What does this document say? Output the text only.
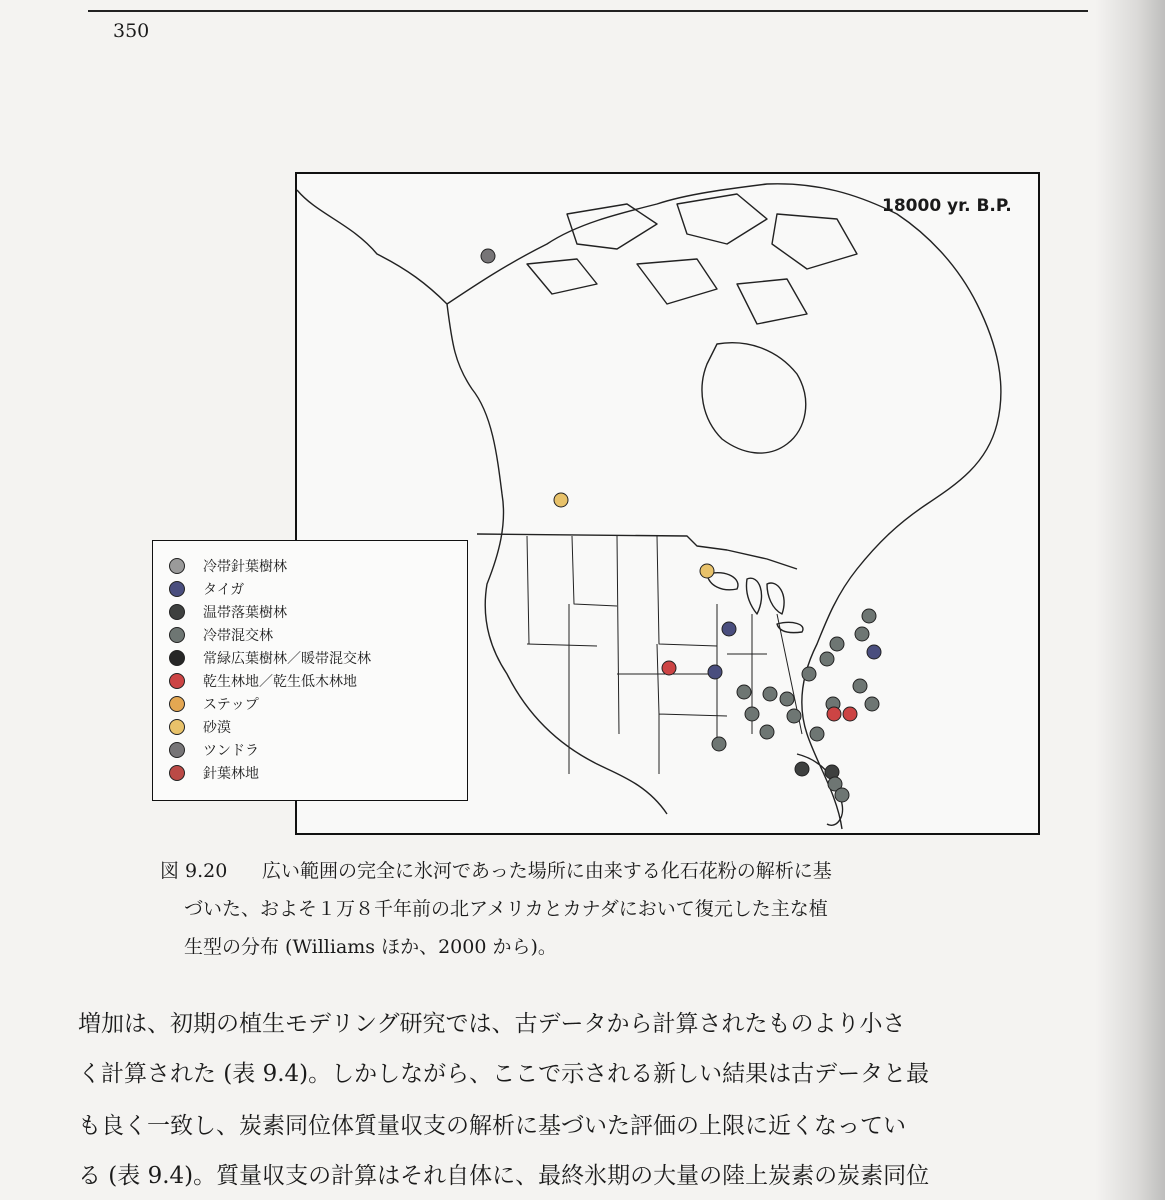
350

18000 yr. B.P.
冷帯針葉樹林
タイガ
温帯落葉樹林
冷帯混交林
常緑広葉樹林／暖帯混交林
乾生林地／乾生低木林地
ステップ
砂漠
ツンドラ
針葉林地
図 9.20 広い範囲の完全に氷河であった場所に由来する化石花粉の解析に基
づいた、およそ１万８千年前の北アメリカとカナダにおいて復元した主な植
生型の分布 (Williams ほか、2000 から)。
増加は、初期の植生モデリング研究では、古データから計算されたものより小さ
く計算された (表 9.4)。しかしながら、ここで示される新しい結果は古データと最
も良く一致し、炭素同位体質量収支の解析に基づいた評価の上限に近くなってい
る (表 9.4)。質量収支の計算はそれ自体に、最終氷期の大量の陸上炭素の炭素同位
